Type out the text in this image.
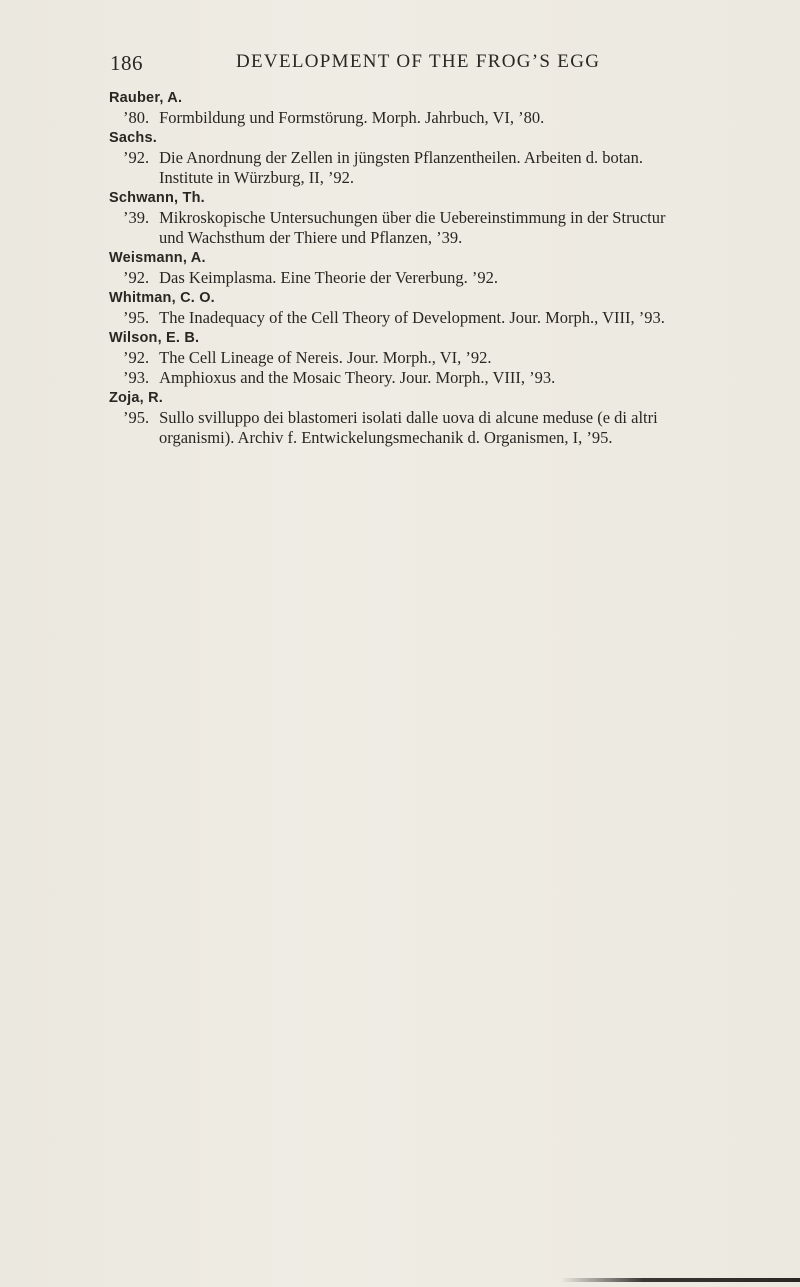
186	DEVELOPMENT OF THE FROG’S EGG

Rauber, A.

’80. Formbildung und Formstörung. Morph. Jahrbuch, VI, ’80.

Sachs.

’92. Die Anordnung der Zellen in jüngsten Pflanzentheilen. Arbeiten d. botan. Institute in Würzburg, II, ’92.

Schwann, Th.

’39. Mikroskopische Untersuchungen über die Uebereinstimmung in der Structur und Wachsthum der Thiere und Pflanzen, ’39.

Weismann, A.

’92. Das Keimplasma. Eine Theorie der Vererbung. ’92.

Whitman, C. O.

’95. The Inadequacy of the Cell Theory of Development. Jour. Morph., VIII, ’93.

Wilson, E. B.

’92. The Cell Lineage of Nereis. Jour. Morph., VI, ’92.

’93. Amphioxus and the Mosaic Theory. Jour. Morph., VIII, ’93.

Zoja, R.

’95. Sullo svilluppo dei blastomeri isolati dalle uova di alcune meduse (e di altri organismi). Archiv f. Entwickelungsmechanik d. Organismen, I, ’95.
